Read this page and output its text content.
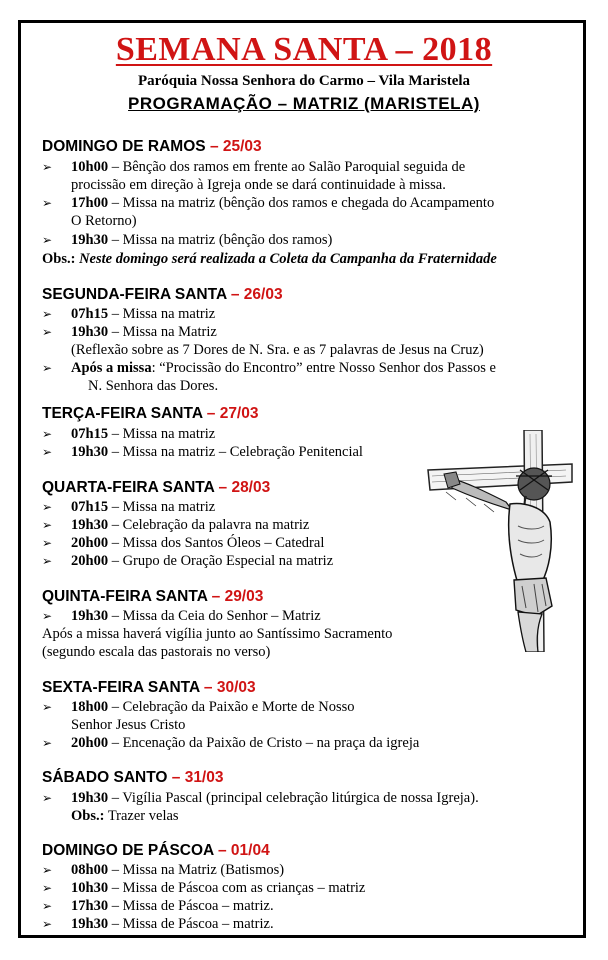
SEMANA SANTA – 2018
Paróquia Nossa Senhora do Carmo – Vila Maristela
PROGRAMAÇÃO – MATRIZ (MARISTELA)
DOMINGO DE RAMOS – 25/03
➢ 10h00 – Bênção dos ramos em frente ao Salão Paroquial seguida de
procissão em direção à Igreja onde se dará continuidade à missa.
➢ 17h00 – Missa na matriz (bênção dos ramos e chegada do Acampamento
O Retorno)
➢ 19h30 – Missa na matriz (bênção dos ramos)
Obs.: Neste domingo será realizada a Coleta da Campanha da Fraternidade
SEGUNDA-FEIRA SANTA – 26/03
➢ 07h15 – Missa na matriz
➢ 19h30 – Missa na Matriz
(Reflexão sobre as 7 Dores de N. Sra. e as 7 palavras de Jesus na Cruz)
➢ Após a missa: “Procissão do Encontro” entre Nosso Senhor dos Passos e
N. Senhora das Dores.
TERÇA-FEIRA SANTA – 27/03
➢ 07h15 – Missa na matriz
➢ 19h30 – Missa na matriz – Celebração Penitencial
QUARTA-FEIRA SANTA – 28/03
➢ 07h15 – Missa na matriz
➢ 19h30 – Celebração da palavra na matriz
➢ 20h00 – Missa dos Santos Óleos – Catedral
➢ 20h00 – Grupo de Oração Especial na matriz
QUINTA-FEIRA SANTA – 29/03
➢ 19h30 – Missa da Ceia do Senhor – Matriz
Após a missa haverá vigília junto ao Santíssimo Sacramento
(segundo escala das pastorais no verso)
SEXTA-FEIRA SANTA – 30/03
➢ 18h00 – Celebração da Paixão e Morte de Nosso
Senhor Jesus Cristo
➢ 20h00 – Encenação da Paixão de Cristo – na praça da igreja
SÁBADO SANTO – 31/03
➢ 19h30 – Vigília Pascal (principal celebração litúrgica de nossa Igreja).
Obs.: Trazer velas
DOMINGO DE PÁSCOA – 01/04
➢ 08h00 – Missa na Matriz (Batismos)
➢ 10h30 – Missa de Páscoa com as crianças – matriz
➢ 17h30 – Missa de Páscoa – matriz.
➢ 19h30 – Missa de Páscoa – matriz.
